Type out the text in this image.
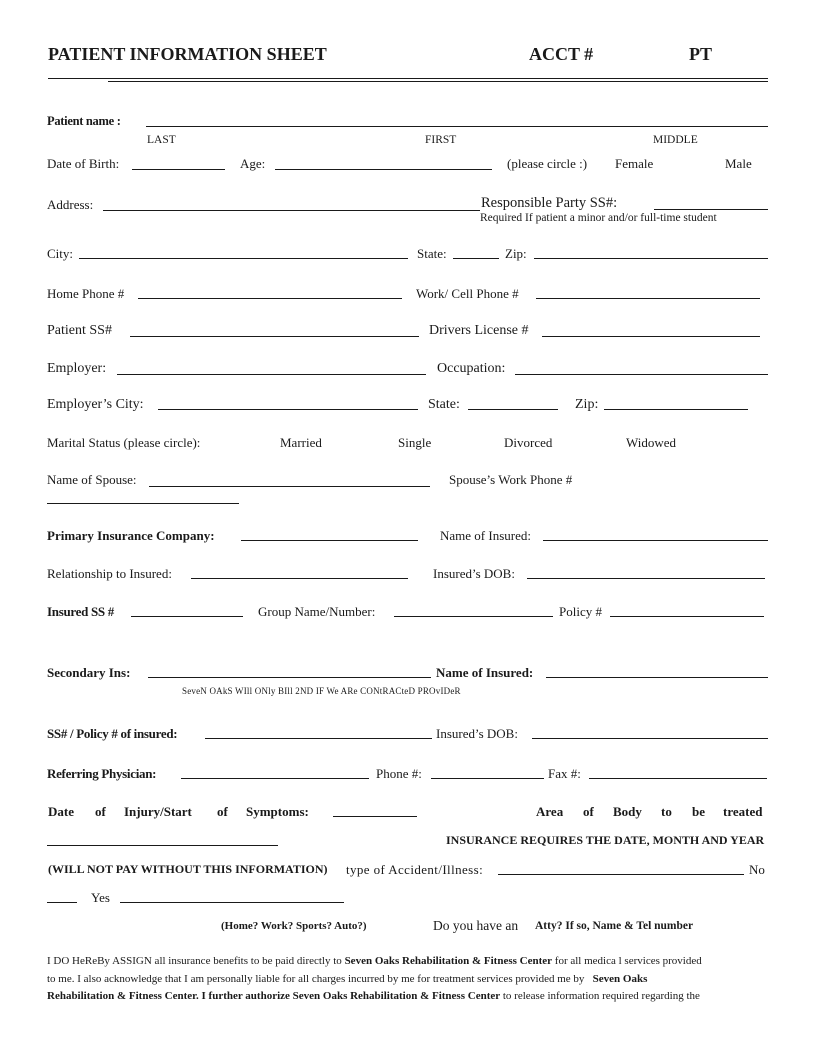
PATIENT INFORMATION SHEET	ACCT #	PT
Patient name :
LAST	FIRST	MIDDLE
Date of Birth:	Age:	(please circle :) Female	Male
Address:	Responsible Party SS#:
Required If patient a minor and/or full-time student
City:	State:	Zip:
Home Phone #	Work/ Cell Phone #
Patient SS#	Drivers License #
Employer:	Occupation:
Employer’s City:	State:	Zip:
Marital Status (please circle):	Married	Single	Divorced	Widowed
Name of Spouse:	Spouse’s Work Phone #
Primary Insurance Company:	Name of Insured:
Relationship to Insured:	Insured’s DOB:
Insured SS #	Group Name/Number:	Policy #
Secondary Ins:	Name of Insured:
SeveN OAkS WIll ONly BIll 2ND IF We ARe CONtRACteD PROvIDeR
SS# / Policy # of insured:	Insured’s DOB:
Referring Physician:	Phone #:	Fax #:
Date of Injury/Start of Symptoms:	Area of Body to be treated
INSURANCE REQUIRES THE DATE, MONTH AND YEAR
(WILL NOT PAY WITHOUT THIS INFORMATION) type of Accident/Illness:	No
Yes
(Home? Work? Sports? Auto?)	Do you have an Atty? If so, Name & Tel number

I DO HeReBy ASSIGN all insurance benefits to be paid directly to Seven Oaks Rehabilitation & Fitness Center for all medica l services provided

to me. I also acknowledge that I am personally liable for all charges incurred by me for treatment services provided me by Seven Oaks

Rehabilitation & Fitness Center. I further authorize Seven Oaks Rehabilitation & Fitness Center to release information required regarding the
